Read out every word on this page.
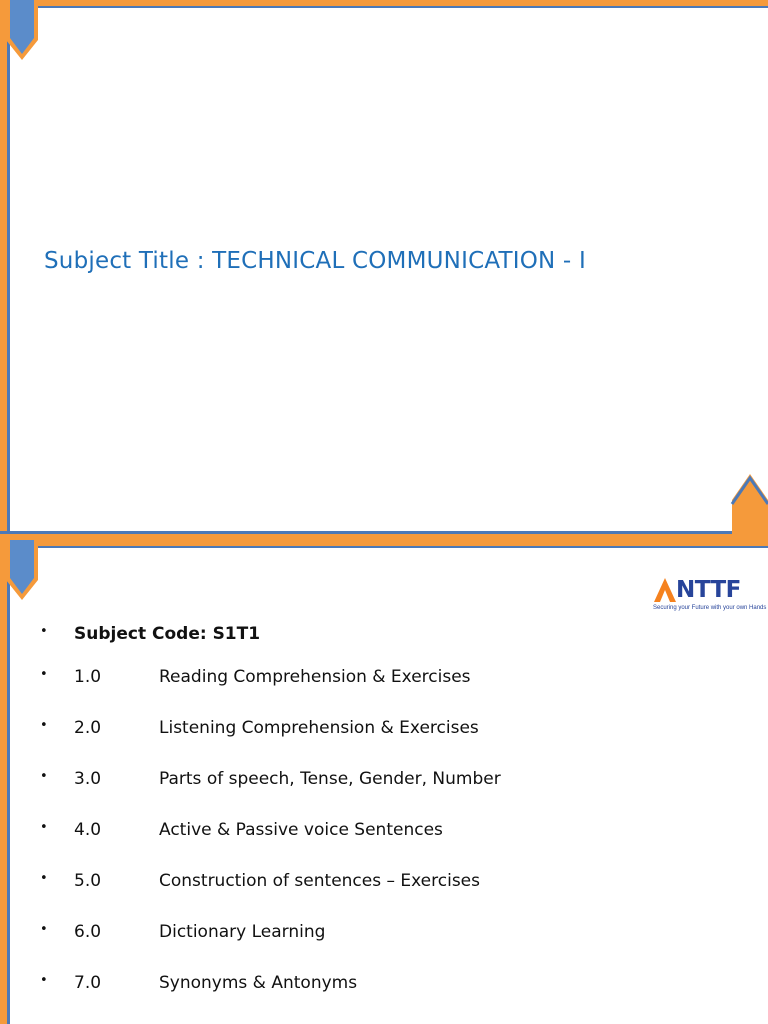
Subject Title : TECHNICAL COMMUNICATION - I
NTTF
Securing your Future with your own Hands
• Subject Code: S1T1
• 1.0	Reading Comprehension & Exercises
• 2.0	Listening Comprehension & Exercises
• 3.0	Parts of speech, Tense, Gender, Number
• 4.0	Active & Passive voice Sentences
• 5.0	Construction of sentences – Exercises
• 6.0	Dictionary Learning
• 7.0	Synonyms & Antonyms
